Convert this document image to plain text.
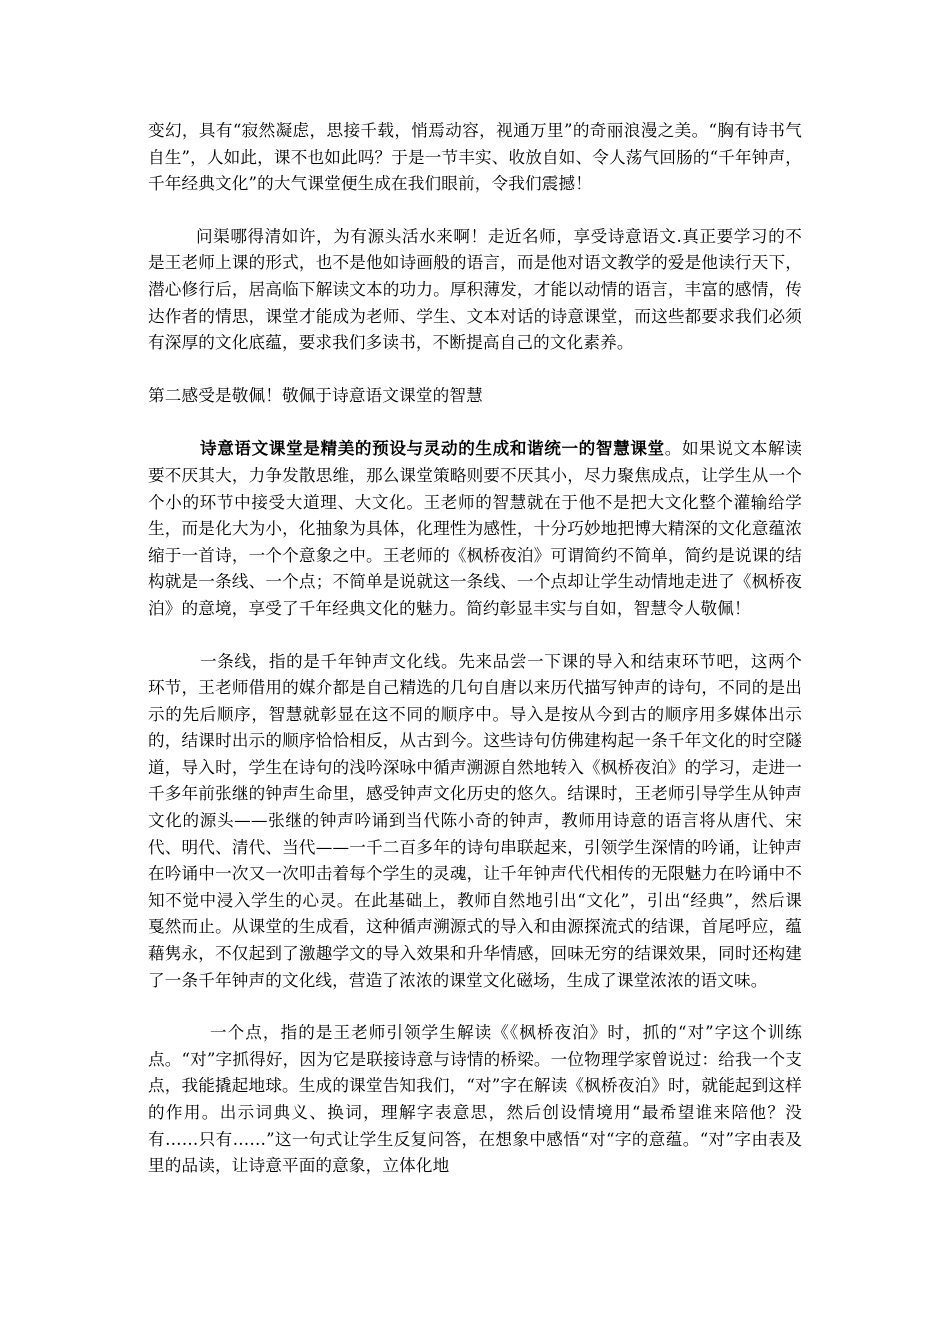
变幻，具有“寂然凝虑，思接千载，悄焉动容，视通万里”的奇丽浪漫之美。“胸有诗书气自生”，人如此，课不也如此吗？于是一节丰实、收放自如、令人荡气回肠的“千年钟声，千年经典文化”的大气课堂便生成在我们眼前，令我们震撼！

问渠哪得清如许，为有源头活水来啊！走近名师，享受诗意语文.真正要学习的不是王老师上课的形式，也不是他如诗画般的语言，而是他对语文教学的爱是他读行天下，潜心修行后，居高临下解读文本的功力。厚积薄发，才能以动情的语言，丰富的感情，传达作者的情思，课堂才能成为老师、学生、文本对话的诗意课堂，而这些都要求我们必须有深厚的文化底蕴，要求我们多读书，不断提高自己的文化素养。

第二感受是敬佩！敬佩于诗意语文课堂的智慧

诗意语文课堂是精美的预设与灵动的生成和谐统一的智慧课堂。如果说文本解读要不厌其大，力争发散思维，那么课堂策略则要不厌其小，尽力聚焦成点，让学生从一个个小的环节中接受大道理、大文化。王老师的智慧就在于他不是把大文化整个灌输给学生，而是化大为小，化抽象为具体，化理性为感性，十分巧妙地把博大精深的文化意蕴浓缩于一首诗，一个个意象之中。王老师的《枫桥夜泊》可谓简约不简单，简约是说课的结构就是一条线、一个点；不简单是说就这一条线、一个点却让学生动情地走进了《枫桥夜泊》的意境，享受了千年经典文化的魅力。简约彰显丰实与自如，智慧令人敬佩！

一条线，指的是千年钟声文化线。先来品尝一下课的导入和结束环节吧，这两个环节，王老师借用的媒介都是自己精选的几句自唐以来历代描写钟声的诗句，不同的是出示的先后顺序，智慧就彰显在这不同的顺序中。导入是按从今到古的顺序用多媒体出示的，结课时出示的顺序恰恰相反，从古到今。这些诗句仿佛建构起一条千年文化的时空隧道，导入时，学生在诗句的浅吟深咏中循声溯源自然地转入《枫桥夜泊》的学习，走进一千多年前张继的钟声生命里，感受钟声文化历史的悠久。结课时，王老师引导学生从钟声文化的源头——张继的钟声吟诵到当代陈小奇的钟声，教师用诗意的语言将从唐代、宋代、明代、清代、当代——一千二百多年的诗句串联起来，引领学生深情的吟诵，让钟声在吟诵中一次又一次叩击着每个学生的灵魂，让千年钟声代代相传的无限魅力在吟诵中不知不觉中浸入学生的心灵。在此基础上，教师自然地引出“文化”，引出“经典”，然后课戛然而止。从课堂的生成看，这种循声溯源式的导入和由源探流式的结课，首尾呼应，蕴藉隽永，不仅起到了激趣学文的导入效果和升华情感，回味无穷的结课效果，同时还构建了一条千年钟声的文化线，营造了浓浓的课堂文化磁场，生成了课堂浓浓的语文味。

一个点，指的是王老师引领学生解读《《枫桥夜泊》时，抓的“对”字这个训练点。“对”字抓得好，因为它是联接诗意与诗情的桥梁。一位物理学家曾说过：给我一个支点，我能撬起地球。生成的课堂告知我们，“对”字在解读《枫桥夜泊》时，就能起到这样的作用。出示词典义、换词，理解字表意思，然后创设情境用“最希望谁来陪他？没有……只有……”这一句式让学生反复问答，在想象中感悟“对“字的意蕴。“对”字由表及里的品读，让诗意平面的意象，立体化地
